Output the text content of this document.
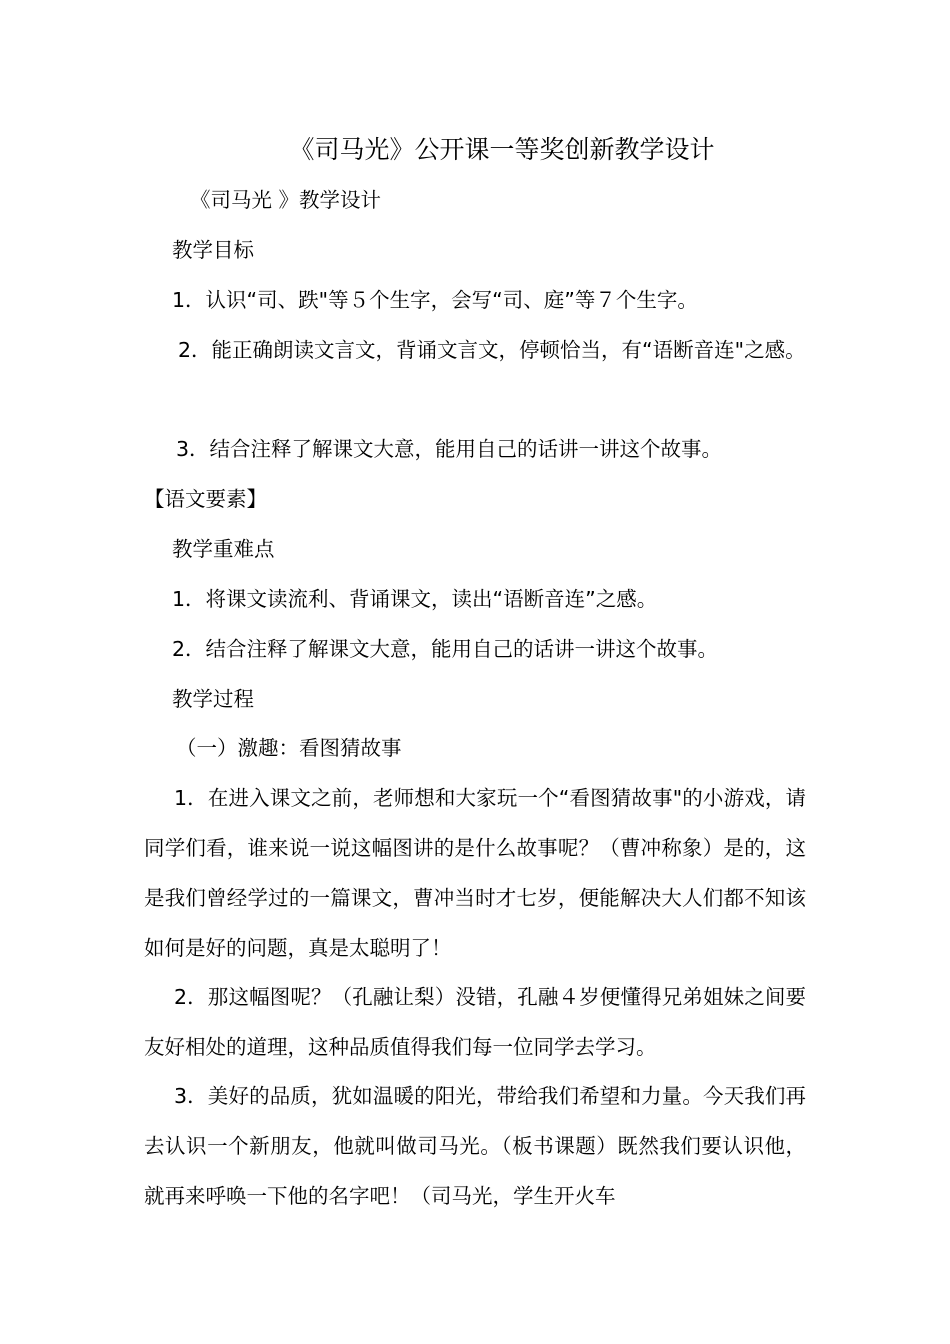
《司马光》公开课一等奖创新教学设计
《司马光 》教学设计
教学目标
1．认识“司、跌"等５个生字，会写“司、庭”等７个生字。
2．能正确朗读文言文，背诵文言文，停顿恰当，有“语断音连"之感。
3．结合注释了解课文大意，能用自己的话讲一讲这个故事。
【语文要素】
教学重难点
1．将课文读流利、背诵课文，读出“语断音连”之感。
2．结合注释了解课文大意，能用自己的话讲一讲这个故事。
教学过程
（一）激趣：看图猜故事
1．在进入课文之前，老师想和大家玩一个“看图猜故事"的小游戏，请同学们看，谁来说一说这幅图讲的是什么故事呢？（曹冲称象）是的，这是我们曾经学过的一篇课文，曹冲当时才七岁，便能解决大人们都不知该如何是好的问题，真是太聪明了！
2．那这幅图呢？（孔融让梨）没错，孔融４岁便懂得兄弟姐妹之间要友好相处的道理，这种品质值得我们每一位同学去学习。
3．美好的品质，犹如温暖的阳光，带给我们希望和力量。今天我们再去认识一个新朋友，他就叫做司马光。（板书课题）既然我们要认识他，就再来呼唤一下他的名字吧！（司马光，学生开火车
